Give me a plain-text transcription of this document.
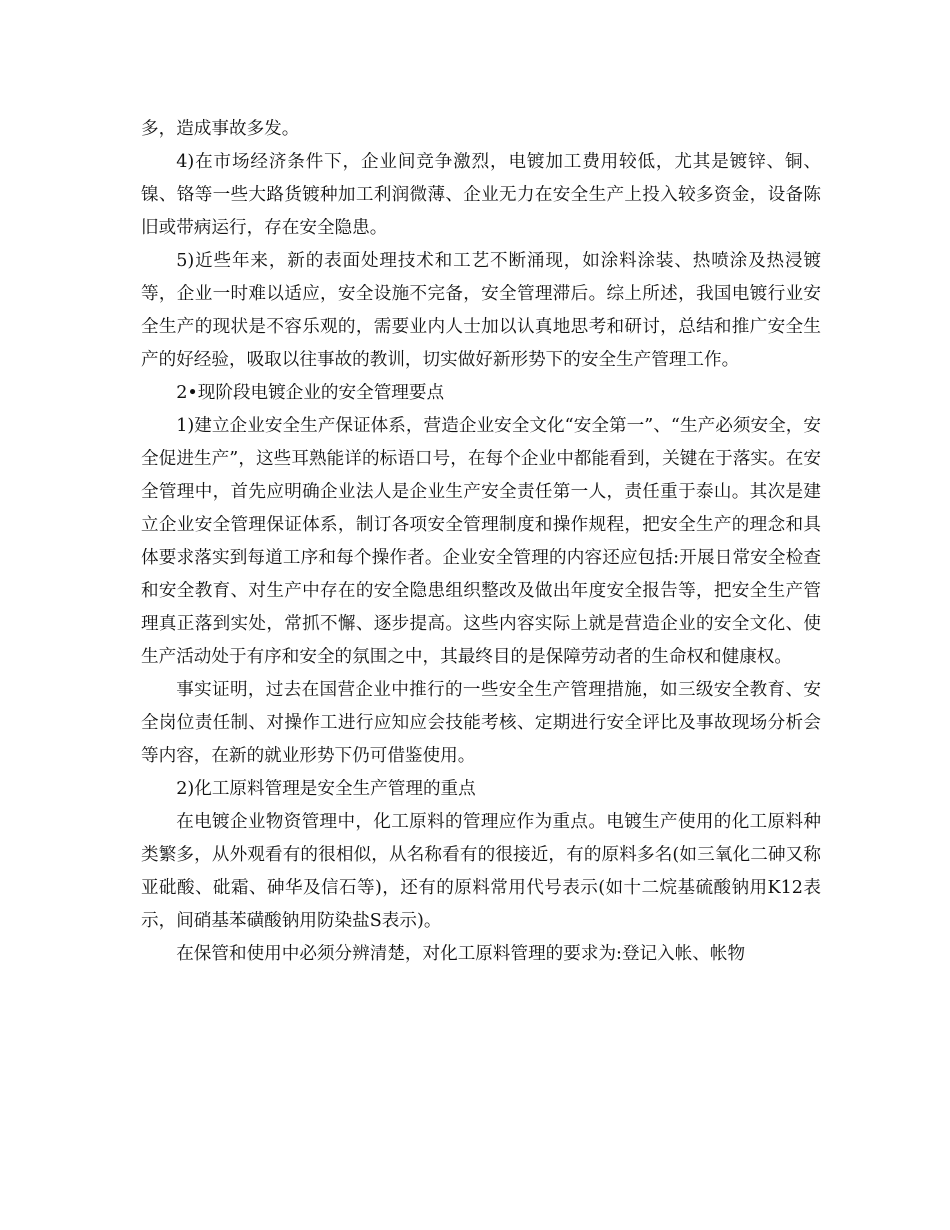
多，造成事故多发。

4)在市场经济条件下，企业间竞争激烈，电镀加工费用较低，尤其是镀锌、铜、镍、铬等一些大路货镀种加工利润微薄、企业无力在安全生产上投入较多资金，设备陈旧或带病运行，存在安全隐患。

5)近些年来，新的表面处理技术和工艺不断涌现，如涂料涂装、热喷涂及热浸镀等，企业一时难以适应，安全设施不完备，安全管理滞后。综上所述，我国电镀行业安全生产的现状是不容乐观的，需要业内人士加以认真地思考和研讨，总结和推广安全生产的好经验，吸取以往事故的教训，切实做好新形势下的安全生产管理工作。

2•现阶段电镀企业的安全管理要点

1)建立企业安全生产保证体系，营造企业安全文化“安全第一”、“生产必须安全，安全促进生产”，这些耳熟能详的标语口号，在每个企业中都能看到，关键在于落实。在安全管理中，首先应明确企业法人是企业生产安全责任第一人，责任重于泰山。其次是建立企业安全管理保证体系，制订各项安全管理制度和操作规程，把安全生产的理念和具体要求落实到每道工序和每个操作者。企业安全管理的内容还应包括:开展日常安全检查和安全教育、对生产中存在的安全隐患组织整改及做出年度安全报告等，把安全生产管理真正落到实处，常抓不懈、逐步提高。这些内容实际上就是营造企业的安全文化、使生产活动处于有序和安全的氛围之中，其最终目的是保障劳动者的生命权和健康权。

事实证明，过去在国营企业中推行的一些安全生产管理措施，如三级安全教育、安全岗位责任制、对操作工进行应知应会技能考核、定期进行安全评比及事故现场分析会等内容，在新的就业形势下仍可借鉴使用。

2)化工原料管理是安全生产管理的重点

在电镀企业物资管理中，化工原料的管理应作为重点。电镀生产使用的化工原料种类繁多，从外观看有的很相似，从名称看有的很接近，有的原料多名(如三氧化二砷又称亚砒酸、砒霜、砷华及信石等)，还有的原料常用代号表示(如十二烷基硫酸钠用K12表示，间硝基苯磺酸钠用防染盐S表示)。

在保管和使用中必须分辨清楚，对化工原料管理的要求为:登记入帐、帐物
